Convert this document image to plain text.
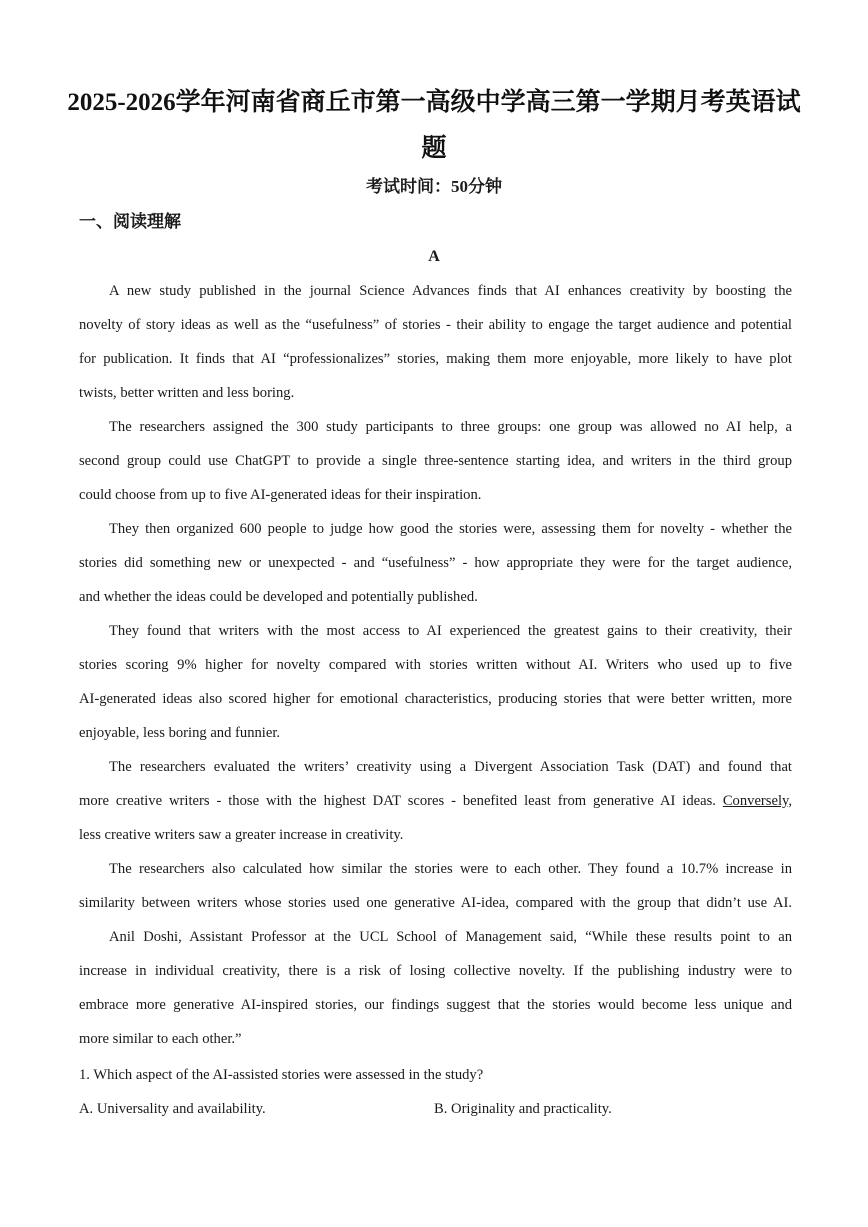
2025-2026学年河南省商丘市第一高级中学高三第一学期月考英语试
题

考试时间：50分钟

一、阅读理解

A

A new study published in the journal Science Advances finds that AI enhances creativity by boosting the

novelty of story ideas as well as the “usefulness” of stories - their ability to engage the target audience and potential

for publication. It finds that AI “professionalizes” stories, making them more enjoyable, more likely to have plot

twists, better written and less boring.

The researchers assigned the 300 study participants to three groups: one group was allowed no AI help, a

second group could use ChatGPT to provide a single three-sentence starting idea, and writers in the third group

could choose from up to five AI-generated ideas for their inspiration.

They then organized 600 people to judge how good the stories were, assessing them for novelty - whether the

stories did something new or unexpected - and “usefulness” - how appropriate they were for the target audience,

and whether the ideas could be developed and potentially published.

They found that writers with the most access to AI experienced the greatest gains to their creativity, their

stories scoring 9% higher for novelty compared with stories written without AI. Writers who used up to five

AI-generated ideas also scored higher for emotional characteristics, producing stories that were better written, more

enjoyable, less boring and funnier.

The researchers evaluated the writers’ creativity using a Divergent Association Task (DAT) and found that

more creative writers - those with the highest DAT scores - benefited least from generative AI ideas. Conversely,

less creative writers saw a greater increase in creativity.

The researchers also calculated how similar the stories were to each other. They found a 10.7% increase in

similarity between writers whose stories used one generative AI-idea, compared with the group that didn’t use AI.

Anil Doshi, Assistant Professor at the UCL School of Management said, “While these results point to an

increase in individual creativity, there is a risk of losing collective novelty. If the publishing industry were to

embrace more generative AI-inspired stories, our findings suggest that the stories would become less unique and

more similar to each other.”

1. Which aspect of the AI-assisted stories were assessed in the study?

A. Universality and availability.	B. Originality and practicality.
